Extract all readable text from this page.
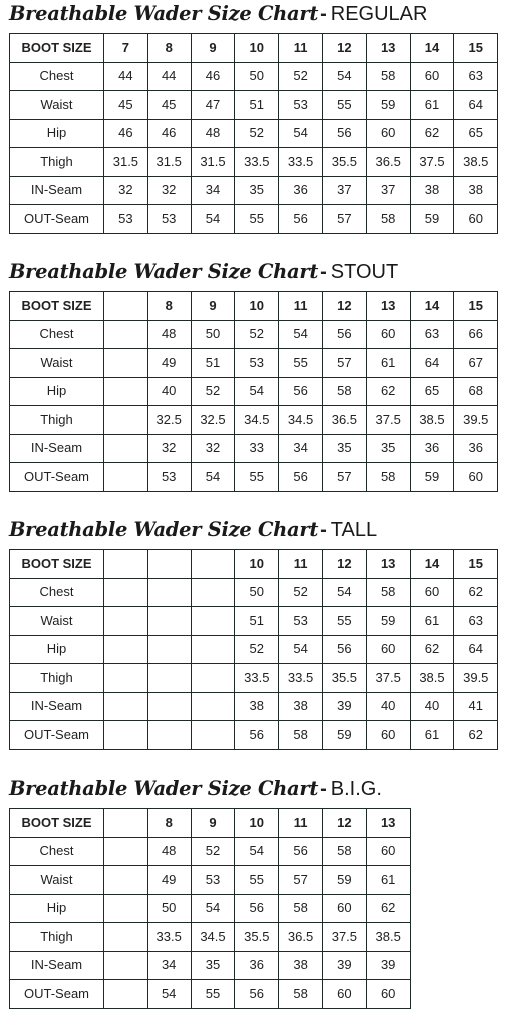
Breathable Wader Size Chart - REGULAR
BOOT SIZE	7	8	9	10	11	12	13	14	15
Chest	44	44	46	50	52	54	58	60	63
Waist	45	45	47	51	53	55	59	61	64
Hip	46	46	48	52	54	56	60	62	65
Thigh	31.5	31.5	31.5	33.5	33.5	35.5	36.5	37.5	38.5
IN-Seam	32	32	34	35	36	37	37	38	38
OUT-Seam	53	53	54	55	56	57	58	59	60
Breathable Wader Size Chart - STOUT
BOOT SIZE		8	9	10	11	12	13	14	15
Chest		48	50	52	54	56	60	63	66
Waist		49	51	53	55	57	61	64	67
Hip		40	52	54	56	58	62	65	68
Thigh		32.5	32.5	34.5	34.5	36.5	37.5	38.5	39.5
IN-Seam		32	32	33	34	35	35	36	36
OUT-Seam		53	54	55	56	57	58	59	60
Breathable Wader Size Chart - TALL
BOOT SIZE				10	11	12	13	14	15
Chest				50	52	54	58	60	62
Waist				51	53	55	59	61	63
Hip				52	54	56	60	62	64
Thigh				33.5	33.5	35.5	37.5	38.5	39.5
IN-Seam				38	38	39	40	40	41
OUT-Seam				56	58	59	60	61	62
Breathable Wader Size Chart - B.I.G.
BOOT SIZE		8	9	10	11	12	13
Chest		48	52	54	56	58	60
Waist		49	53	55	57	59	61
Hip		50	54	56	58	60	62
Thigh		33.5	34.5	35.5	36.5	37.5	38.5
IN-Seam		34	35	36	38	39	39
OUT-Seam		54	55	56	58	60	60
